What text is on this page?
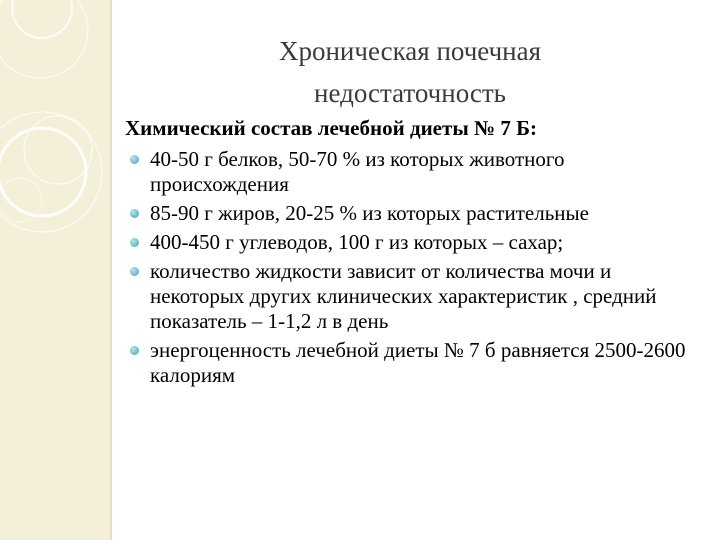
Хроническая почечная
недостаточность
Химический состав лечебной диеты № 7 Б:
40-50 г белков, 50-70 % из которых животного происхождения
85-90 г жиров, 20-25 % из которых растительные
400-450 г углеводов, 100 г из которых – сахар;
количество жидкости зависит от количества мочи и некоторых других клинических характеристик , средний показатель – 1-1,2 л в день
энергоценность лечебной диеты № 7 б равняется 2500-2600 калориям
